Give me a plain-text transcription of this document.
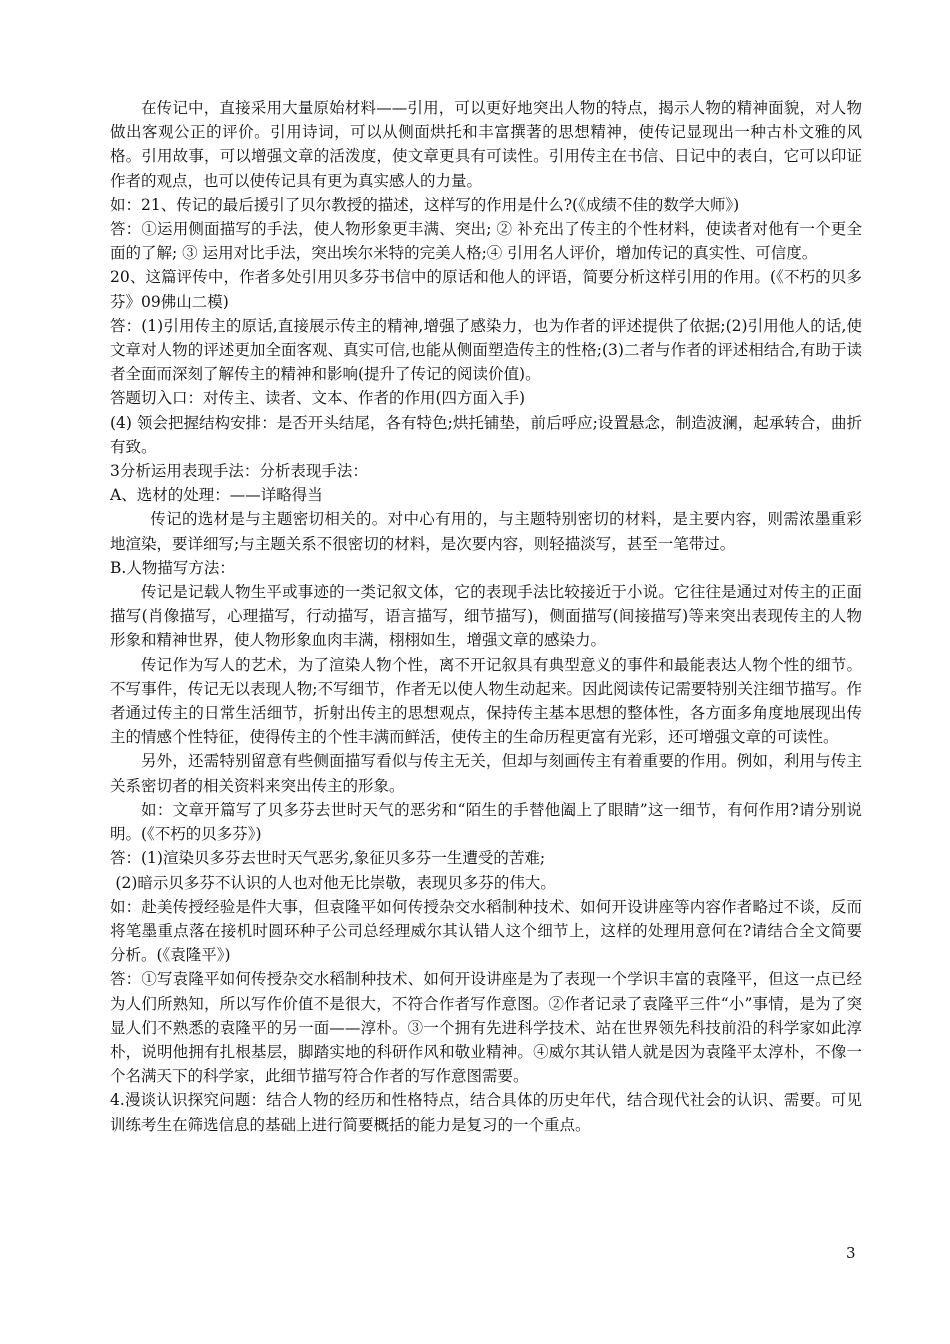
在传记中，直接采用大量原始材料——引用，可以更好地突出人物的特点，揭示人物的精神面貌，对人物做出客观公正的评价。引用诗词，可以从侧面烘托和丰富撰著的思想精神，使传记显现出一种古朴文雅的风格。引用故事，可以增强文章的活泼度，使文章更具有可读性。引用传主在书信、日记中的表白，它可以印证作者的观点，也可以使传记具有更为真实感人的力量。

如：21、传记的最后援引了贝尔教授的描述，这样写的作用是什么?(《成绩不佳的数学大师》)

答：①运用侧面描写的手法，使人物形象更丰满、突出; ② 补充出了传主的个性材料，使读者对他有一个更全面的了解; ③ 运用对比手法，突出埃尔米特的完美人格;④ 引用名人评价，增加传记的真实性、可信度。

20、这篇评传中，作者多处引用贝多芬书信中的原话和他人的评语，简要分析这样引用的作用。(《不朽的贝多芬》09佛山二模)

答：(1)引用传主的原话,直接展示传主的精神,增强了感染力，也为作者的评述提供了依据;(2)引用他人的话,使文章对人物的评述更加全面客观、真实可信,也能从侧面塑造传主的性格;(3)二者与作者的评述相结合,有助于读者全面而深刻了解传主的精神和影响(提升了传记的阅读价值)。

答题切入口：对传主、读者、文本、作者的作用(四方面入手)

(4) 领会把握结构安排：是否开头结尾，各有特色;烘托铺垫，前后呼应;设置悬念，制造波澜，起承转合，曲折有致。

3分析运用表现手法：分析表现手法：

A、选材的处理：——详略得当

传记的选材是与主题密切相关的。对中心有用的，与主题特别密切的材料，是主要内容，则需浓墨重彩地渲染，要详细写;与主题关系不很密切的材料，是次要内容，则轻描淡写，甚至一笔带过。

B.人物描写方法：

传记是记载人物生平或事迹的一类记叙文体，它的表现手法比较接近于小说。它往往是通过对传主的正面描写(肖像描写，心理描写，行动描写，语言描写，细节描写)，侧面描写(间接描写)等来突出表现传主的人物形象和精神世界，使人物形象血肉丰满，栩栩如生，增强文章的感染力。

传记作为写人的艺术，为了渲染人物个性，离不开记叙具有典型意义的事件和最能表达人物个性的细节。不写事件，传记无以表现人物;不写细节，作者无以使人物生动起来。因此阅读传记需要特别关注细节描写。作者通过传主的日常生活细节，折射出传主的思想观点，保持传主基本思想的整体性，各方面多角度地展现出传主的情感个性特征，使得传主的个性丰满而鲜活，使传主的生命历程更富有光彩，还可增强文章的可读性。

另外，还需特别留意有些侧面描写看似与传主无关，但却与刻画传主有着重要的作用。例如，利用与传主关系密切者的相关资料来突出传主的形象。

如：文章开篇写了贝多芬去世时天气的恶劣和“陌生的手替他阖上了眼睛”这一细节，有何作用?请分别说明。(《不朽的贝多芬》)

答：(1)渲染贝多芬去世时天气恶劣,象征贝多芬一生遭受的苦难;

(2)暗示贝多芬不认识的人也对他无比崇敬，表现贝多芬的伟大。

如：赴美传授经验是件大事，但袁隆平如何传授杂交水稻制种技术、如何开设讲座等内容作者略过不谈，反而将笔墨重点落在接机时圆环种子公司总经理威尔其认错人这个细节上，这样的处理用意何在?请结合全文简要分析。(《袁隆平》)

答：①写袁隆平如何传授杂交水稻制种技术、如何开设讲座是为了表现一个学识丰富的袁隆平，但这一点已经为人们所熟知，所以写作价值不是很大，不符合作者写作意图。②作者记录了袁隆平三件“小”事情，是为了突显人们不熟悉的袁隆平的另一面——淳朴。③一个拥有先进科学技术、站在世界领先科技前沿的科学家如此淳朴，说明他拥有扎根基层，脚踏实地的科研作风和敬业精神。④威尔其认错人就是因为袁隆平太淳朴，不像一个名满天下的科学家，此细节描写符合作者的写作意图需要。

4.漫谈认识探究问题：结合人物的经历和性格特点，结合具体的历史年代，结合现代社会的认识、需要。可见训练考生在筛选信息的基础上进行简要概括的能力是复习的一个重点。

3
